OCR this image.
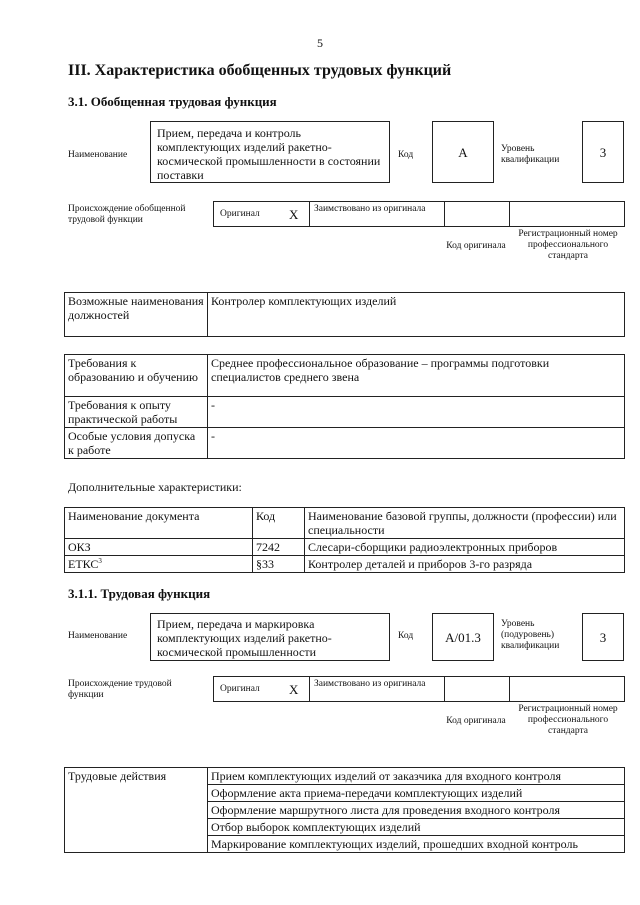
5
III. Характеристика обобщенных трудовых функций
3.1. Обобщенная трудовая функция
Наименование
Прием, передача и контроль комплектующих изделий ракетно-космической промышленности в состоянии поставки
Код	А	Уровень квалификации
3
Происхождение обобщенной трудовой функции
Оригинал Х Заимствовано из оригинала
Код оригинала
Регистрационный номер профессионального стандарта
Возможные наименования должностей	Контролер комплектующих изделий
Требования к образованию и обучению	Среднее профессиональное образование – программы подготовки специалистов среднего звена
Требования к опыту практической работы	-
Особые условия допуска к работе	-
Дополнительные характеристики:
Наименование документа	Код	Наименование базовой группы, должности (профессии) или специальности
ОКЗ	7242	Слесари-сборщики радиоэлектронных приборов
ЕТКС$^3$	§33	Контролер деталей и приборов 3-го разряда
3.1.1. Трудовая функция
Наименование
Прием, передача и маркировка комплектующих изделий ракетно-космической промышленности
Код	А/01.3
Уровень (подуровень) квалификации
3
Происхождение трудовой функции
Оригинал Х Заимствовано из оригинала
Код оригинала
Регистрационный номер профессионального стандарта
Трудовые действия	Прием комплектующих изделий от заказчика для входного контроля
Оформление акта приема-передачи комплектующих изделий
Оформление маршрутного листа для проведения входного контроля
Отбор выборок комплектующих изделий
Маркирование комплектующих изделий, прошедших входной контроль
